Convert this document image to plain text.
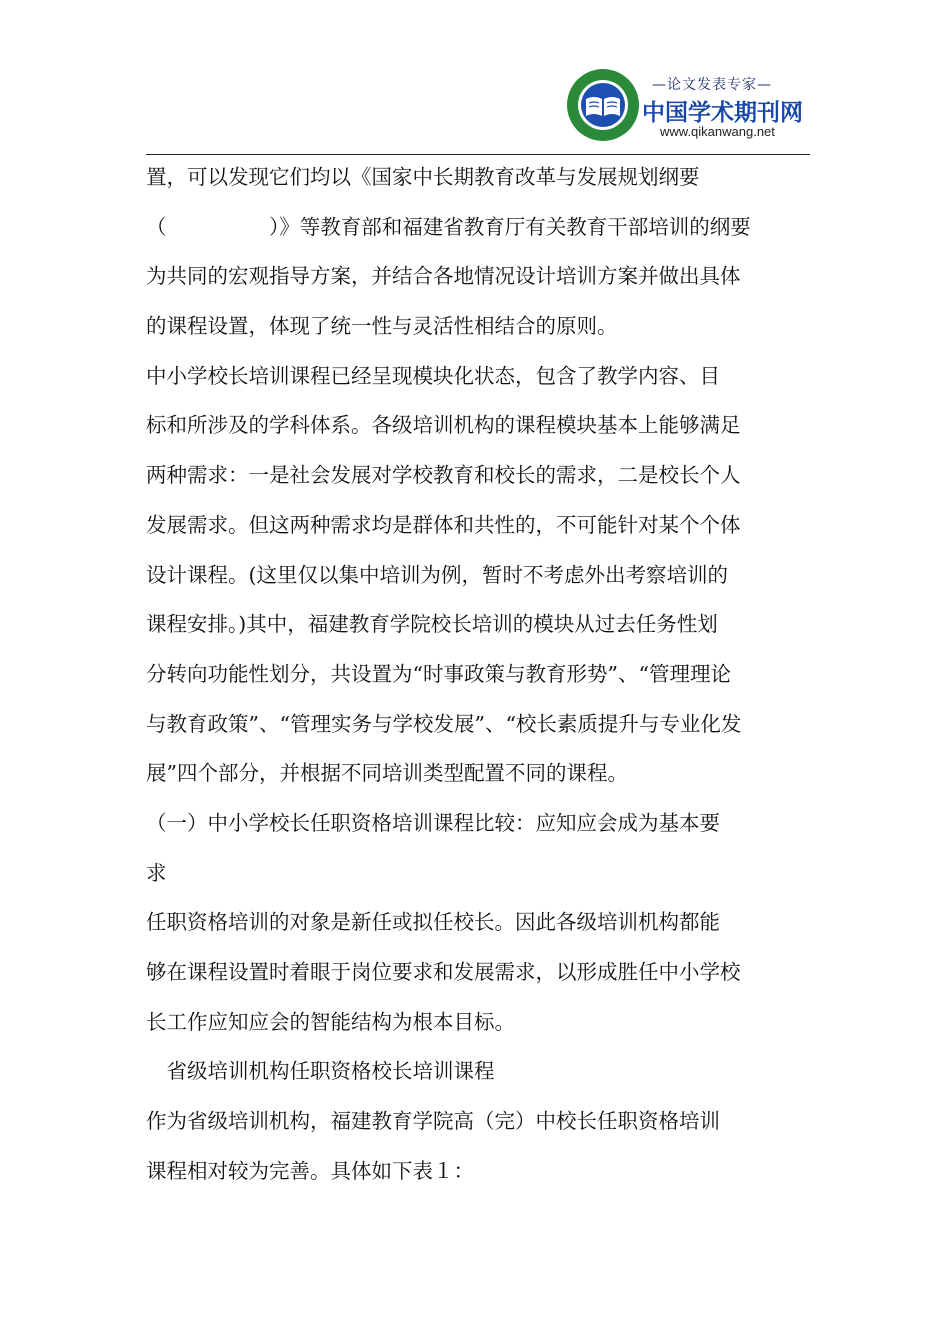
—论文发表专家—
中国学术期刊网
www.qikanwang.net
置，可以发现它们均以《国家中长期教育改革与发展规划纲要
（　　　　　）》等教育部和福建省教育厅有关教育干部培训的纲要
为共同的宏观指导方案，并结合各地情况设计培训方案并做出具体
的课程设置，体现了统一性与灵活性相结合的原则。
中小学校长培训课程已经呈现模块化状态，包含了教学内容、目
标和所涉及的学科体系。各级培训机构的课程模块基本上能够满足
两种需求：一是社会发展对学校教育和校长的需求，二是校长个人
发展需求。但这两种需求均是群体和共性的，不可能针对某个个体
设计课程。(这里仅以集中培训为例，暂时不考虑外出考察培训的
课程安排。)其中，福建教育学院校长培训的模块从过去任务性划
分转向功能性划分，共设置为“时事政策与教育形势”、“管理理论
与教育政策”、“管理实务与学校发展”、“校长素质提升与专业化发
展”四个部分，并根据不同培训类型配置不同的课程。
（一）中小学校长任职资格培训课程比较：应知应会成为基本要
求
任职资格培训的对象是新任或拟任校长。因此各级培训机构都能
够在课程设置时着眼于岗位要求和发展需求，以形成胜任中小学校
长工作应知应会的智能结构为根本目标。
　省级培训机构任职资格校长培训课程
作为省级培训机构，福建教育学院高（完）中校长任职资格培训
课程相对较为完善。具体如下表１：
